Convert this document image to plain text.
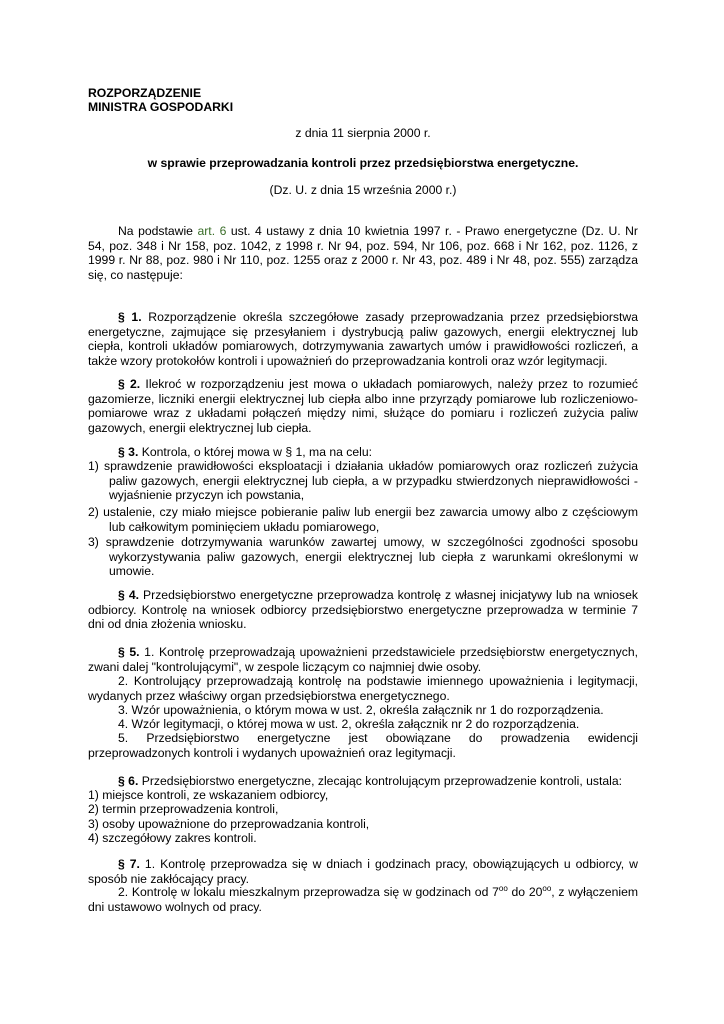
ROZPORZĄDZENIE
MINISTRA GOSPODARKI
z dnia 11 sierpnia 2000 r.
w sprawie przeprowadzania kontroli przez przedsiębiorstwa energetyczne.
(Dz. U. z dnia 15 września 2000 r.)
Na podstawie art. 6 ust. 4 ustawy z dnia 10 kwietnia 1997 r. - Prawo energetyczne (Dz. U. Nr 54, poz. 348 i Nr 158, poz. 1042, z 1998 r. Nr 94, poz. 594, Nr 106, poz. 668 i Nr 162, poz. 1126, z 1999 r. Nr 88, poz. 980 i Nr 110, poz. 1255 oraz z 2000 r. Nr 43, poz. 489 i Nr 48, poz. 555) zarządza się, co następuje:
§ 1. Rozporządzenie określa szczegółowe zasady przeprowadzania przez przedsiębiorstwa energetyczne, zajmujące się przesyłaniem i dystrybucją paliw gazowych, energii elektrycznej lub ciepła, kontroli układów pomiarowych, dotrzymywania zawartych umów i prawidłowości rozliczeń, a także wzory protokołów kontroli i upoważnień do przeprowadzania kontroli oraz wzór legitymacji.
§ 2. Ilekroć w rozporządzeniu jest mowa o układach pomiarowych, należy przez to rozumieć gazomierze, liczniki energii elektrycznej lub ciepła albo inne przyrządy pomiarowe lub rozliczeniowo-pomiarowe wraz z układami połączeń między nimi, służące do pomiaru i rozliczeń zużycia paliw gazowych, energii elektrycznej lub ciepła.
§ 3. Kontrola, o której mowa w § 1, ma na celu:
1) sprawdzenie prawidłowości eksploatacji i działania układów pomiarowych oraz rozliczeń zużycia paliw gazowych, energii elektrycznej lub ciepła, a w przypadku stwierdzonych nieprawidłowości - wyjaśnienie przyczyn ich powstania,
2) ustalenie, czy miało miejsce pobieranie paliw lub energii bez zawarcia umowy albo z częściowym lub całkowitym pominięciem układu pomiarowego,
3) sprawdzenie dotrzymywania warunków zawartej umowy, w szczególności zgodności sposobu wykorzystywania paliw gazowych, energii elektrycznej lub ciepła z warunkami określonymi w umowie.
§ 4. Przedsiębiorstwo energetyczne przeprowadza kontrolę z własnej inicjatywy lub na wniosek odbiorcy. Kontrolę na wniosek odbiorcy przedsiębiorstwo energetyczne przeprowadza w terminie 7 dni od dnia złożenia wniosku.
§ 5. 1. Kontrolę przeprowadzają upoważnieni przedstawiciele przedsiębiorstw energetycznych, zwani dalej "kontrolującymi", w zespole liczącym co najmniej dwie osoby.
2. Kontrolujący przeprowadzają kontrolę na podstawie imiennego upoważnienia i legitymacji, wydanych przez właściwy organ przedsiębiorstwa energetycznego.
3. Wzór upoważnienia, o którym mowa w ust. 2, określa załącznik nr 1 do rozporządzenia.
4. Wzór legitymacji, o której mowa w ust. 2, określa załącznik nr 2 do rozporządzenia.
5. Przedsiębiorstwo energetyczne jest obowiązane do prowadzenia ewidencji przeprowadzonych kontroli i wydanych upoważnień oraz legitymacji.
§ 6. Przedsiębiorstwo energetyczne, zlecając kontrolującym przeprowadzenie kontroli, ustala:
1) miejsce kontroli, ze wskazaniem odbiorcy,
2) termin przeprowadzenia kontroli,
3) osoby upoważnione do przeprowadzania kontroli,
4) szczegółowy zakres kontroli.
§ 7. 1. Kontrolę przeprowadza się w dniach i godzinach pracy, obowiązujących u odbiorcy, w sposób nie zakłócający pracy.
2. Kontrolę w lokalu mieszkalnym przeprowadza się w godzinach od $7^{oo}$ do $20^{oo}$, z wyłączeniem dni ustawowo wolnych od pracy.
